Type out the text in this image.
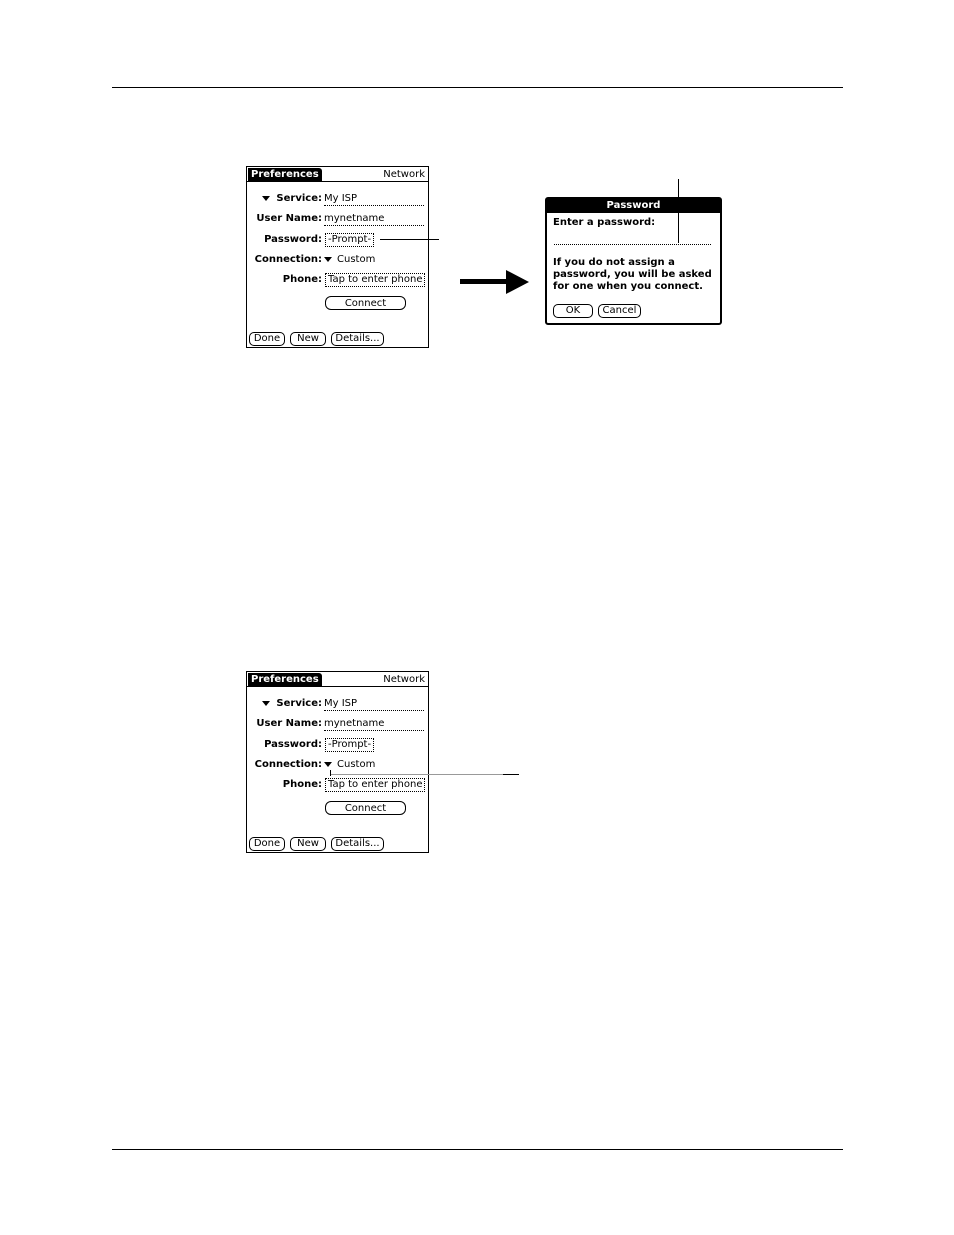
Preferences	Network
Service: My ISP
User Name: mynetname
Password: -Prompt-
Connection:	Custom
Phone: Tap to enter phone
Connect
Done	New	Details...
Password
Enter a password:
If you do not assign a password, you will be asked for one when you connect.
OK	Cancel
Preferences	Network
Service: My ISP
User Name: mynetname
Password: -Prompt-
Connection:	Custom
Phone: Tap to enter phone
Connect
Done	New	Details...
